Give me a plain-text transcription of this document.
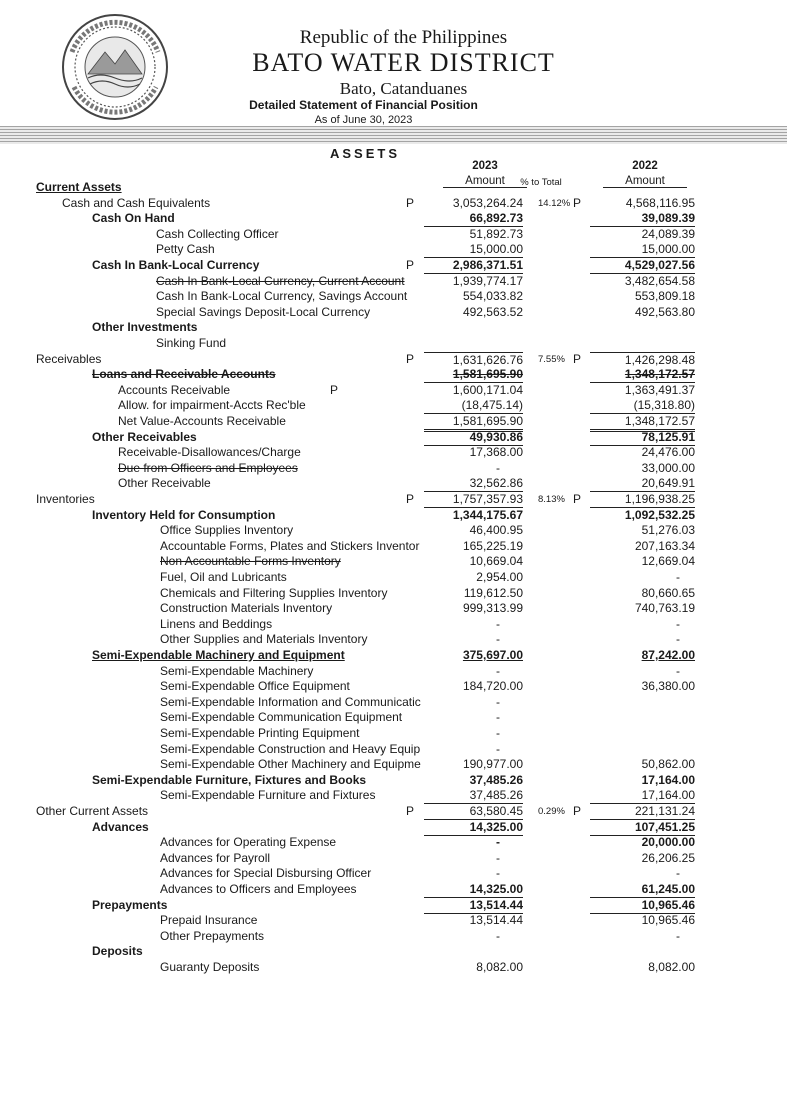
Republic of the Philippines
BATO WATER DISTRICT
Bato, Catanduanes
Detailed Statement of Financial Position
As of June 30, 2023
ASSETS
2023
Amount	% to Total
2022
Amount
Current Assets
Cash and Cash Equivalents	P	3,053,264.24 14.12% P	4,568,116.95
Cash On Hand	66,892.73	39,089.39
Cash Collecting Officer	51,892.73	24,089.39
Petty Cash	15,000.00	15,000.00
Cash In Bank-Local Currency	P	2,986,371.51	4,529,027.56
Cash In Bank-Local Currency, Current Account	1,939,774.17	3,482,654.58
Cash In Bank-Local Currency, Savings Account	554,033.82	553,809.18
Special Savings Deposit-Local Currency	492,563.52	492,563.80
Other Investments
Sinking Fund
Receivables	P	1,631,626.76 7.55% P	1,426,298.48
Loans and Receivable Accounts	1,581,695.90	1,348,172.57
Accounts Receivable	P	1,600,171.04	1,363,491.37
Allow. for impairment-Accts Rec'ble	(18,475.14)	(15,318.80)
Net Value-Accounts Receivable	1,581,695.90	1,348,172.57
Other Receivables	49,930.86	78,125.91
Receivable-Disallowances/Charge	17,368.00	24,476.00
Due from Officers and Employees	-	33,000.00
Other Receivable	32,562.86	20,649.91
Inventories	P	1,757,357.93 8.13% P	1,196,938.25
Inventory Held for Consumption	1,344,175.67	1,092,532.25
Office Supplies Inventory	46,400.95	51,276.03
Accountable Forms, Plates and Stickers Inventor	165,225.19	207,163.34
Non Accountable Forms Inventory	10,669.04	12,669.04
Fuel, Oil and Lubricants	2,954.00	-
Chemicals and Filtering Supplies Inventory	119,612.50	80,660.65
Construction Materials Inventory	999,313.99	740,763.19
Linens and Beddings	-	-
Other Supplies and Materials Inventory	-	-
Semi-Expendable Machinery and Equipment	375,697.00	87,242.00
Semi-Expendable Machinery	-	-
Semi-Expendable Office Equipment	184,720.00	36,380.00
Semi-Expendable Information and Communicatic	-
Semi-Expendable Communication Equipment	-
Semi-Expendable Printing Equipment	-
Semi-Expendable Construction and Heavy Equip	-
Semi-Expendable Other Machinery and Equipme	190,977.00	50,862.00
Semi-Expendable Furniture, Fixtures and Books	37,485.26	17,164.00
Semi-Expendable Furniture and Fixtures	37,485.26	17,164.00
Other Current Assets	P	63,580.45 0.29% P	221,131.24
Advances	14,325.00	107,451.25
Advances for Operating Expense	-	20,000.00
Advances for Payroll	-	26,206.25
Advances for Special Disbursing Officer	-	-
Advances to Officers and Employees	14,325.00	61,245.00
Prepayments	13,514.44	10,965.46
Prepaid Insurance	13,514.44	10,965.46
Other Prepayments	-	-
Deposits
Guaranty Deposits	8,082.00	8,082.00
